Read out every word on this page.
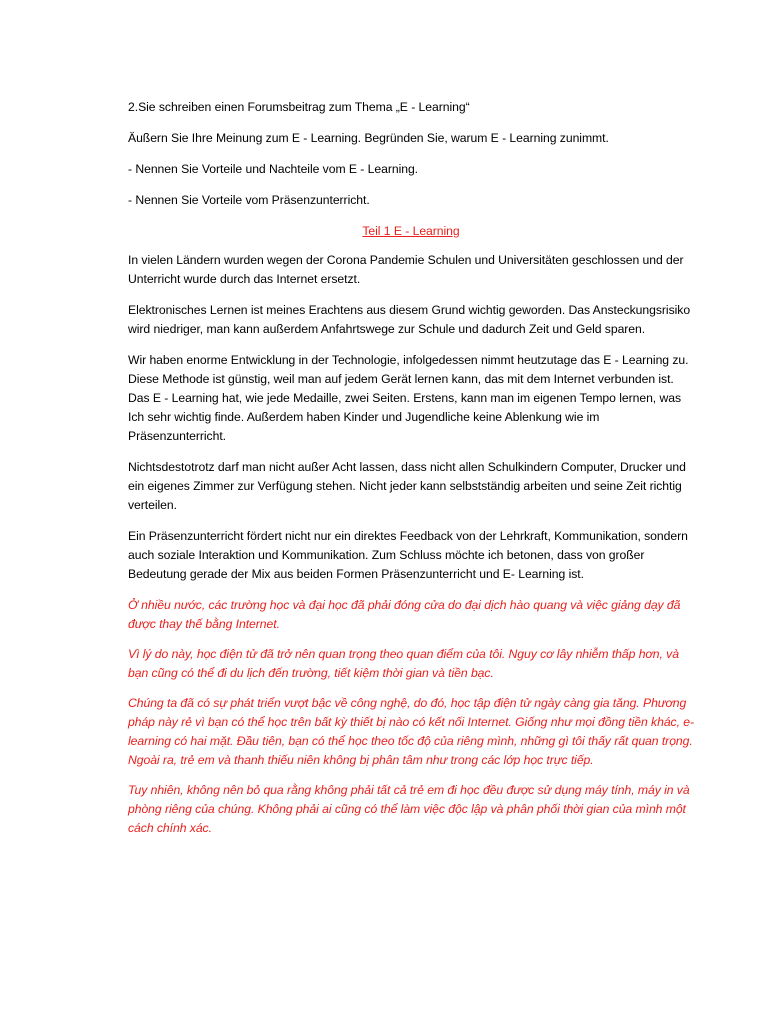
2.Sie schreiben einen Forumsbeitrag zum Thema „E - Learning“

Äußern Sie Ihre Meinung zum E - Learning. Begründen Sie, warum E - Learning zunimmt.

- Nennen Sie Vorteile und Nachteile vom E - Learning.

- Nennen Sie Vorteile vom Präsenzunterricht.

Teil 1 E - Learning

In vielen Ländern wurden wegen der Corona Pandemie Schulen und Universitäten geschlossen und der Unterricht wurde durch das Internet ersetzt.

Elektronisches Lernen ist meines Erachtens aus diesem Grund wichtig geworden. Das Ansteckungsrisiko wird niedriger, man kann außerdem Anfahrtswege zur Schule und dadurch Zeit und Geld sparen.

Wir haben enorme Entwicklung in der Technologie, infolgedessen nimmt heutzutage das E - Learning zu. Diese Methode ist günstig, weil man auf jedem Gerät lernen kann, das mit dem Internet verbunden ist. Das E - Learning hat, wie jede Medaille, zwei Seiten. Erstens, kann man im eigenen Tempo lernen, was Ich sehr wichtig finde. Außerdem haben Kinder und Jugendliche keine Ablenkung wie im Präsenzunterricht.

Nichtsdestotrotz darf man nicht außer Acht lassen, dass nicht allen Schulkindern Computer, Drucker und ein eigenes Zimmer zur Verfügung stehen. Nicht jeder kann selbstständig arbeiten und seine Zeit richtig verteilen.

Ein Präsenzunterricht fördert nicht nur ein direktes Feedback von der Lehrkraft, Kommunikation, sondern auch soziale Interaktion und Kommunikation. Zum Schluss möchte ich betonen, dass von großer Bedeutung gerade der Mix aus beiden Formen Präsenzunterricht und E- Learning ist.

Ở nhiều nước, các trường học và đại học đã phải đóng cửa do đại dịch hào quang và việc giảng dạy đã được thay thế bằng Internet.

Vì lý do này, học điện tử đã trở nên quan trọng theo quan điểm của tôi. Nguy cơ lây nhiễm thấp hơn, và bạn cũng có thể đi du lịch đến trường, tiết kiệm thời gian và tiền bạc.

Chúng ta đã có sự phát triển vượt bậc về công nghệ, do đó, học tập điện tử ngày càng gia tăng. Phương pháp này rẻ vì bạn có thể học trên bất kỳ thiết bị nào có kết nối Internet. Giống như mọi đồng tiền khác, e-learning có hai mặt. Đầu tiên, bạn có thể học theo tốc độ của riêng mình, những gì tôi thấy rất quan trọng. Ngoài ra, trẻ em và thanh thiếu niên không bị phân tâm như trong các lớp học trực tiếp.

Tuy nhiên, không nên bỏ qua rằng không phải tất cả trẻ em đi học đều được sử dụng máy tính, máy in và phòng riêng của chúng. Không phải ai cũng có thể làm việc độc lập và phân phối thời gian của mình một cách chính xác.
